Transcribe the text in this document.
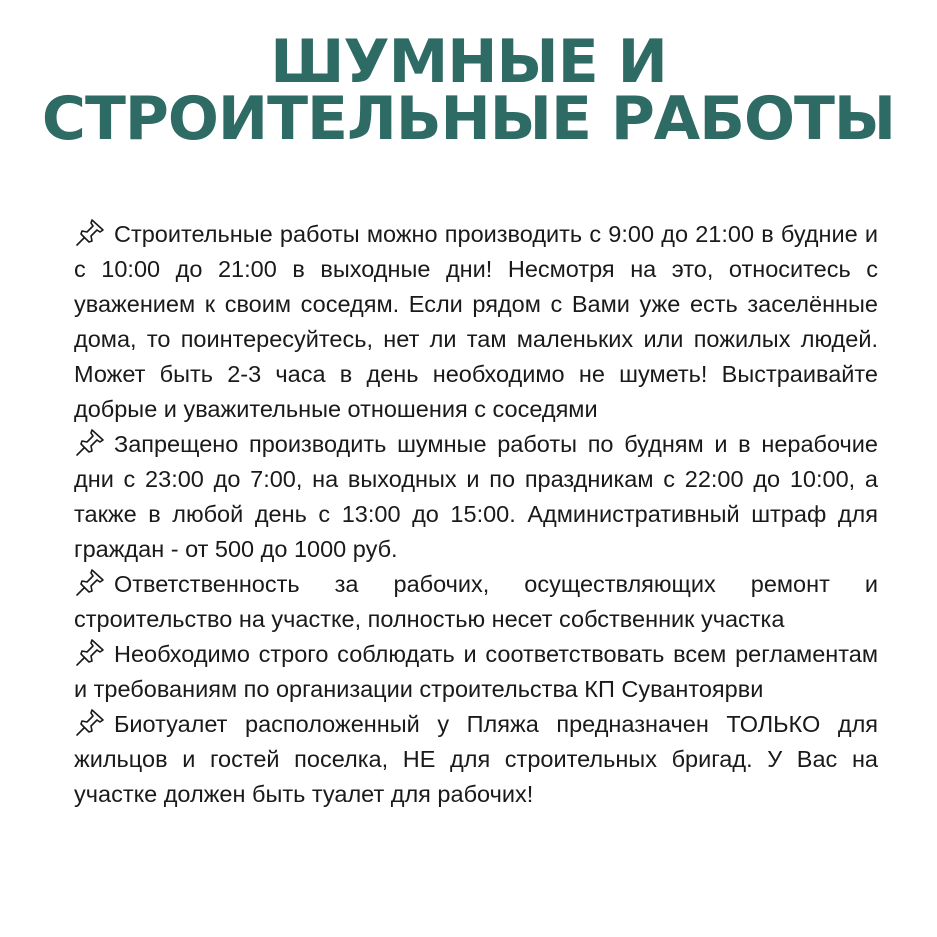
ШУМНЫЕ И
СТРОИТЕЛЬНЫЕ РАБОТЫ

Строительные работы можно производить с 9:00 до 21:00 в будние и с 10:00 до 21:00 в выходные дни! Несмотря на это, относитесь с уважением к своим соседям. Если рядом с Вами уже есть заселённые дома, то поинтересуйтесь, нет ли там маленьких или пожилых людей. Может быть 2-3 часа в день необходимо не шуметь! Выстраивайте добрые и уважительные отношения с соседями

Запрещено производить шумные работы по будням и в нерабочие дни с 23:00 до 7:00, на выходных и по праздникам с 22:00 до 10:00, а также в любой день с 13:00 до 15:00. Административный штраф для граждан - от 500 до 1000 руб.

Ответственность за рабочих, осуществляющих ремонт и строительство на участке, полностью несет собственник участка

Необходимо строго соблюдать и соответствовать всем регламентам и требованиям по организации строительства КП Сувантоярви

Биотуалет расположенный у Пляжа предназначен ТОЛЬКО для жильцов и гостей поселка, НЕ для строительных бригад. У Вас на участке должен быть туалет для рабочих!
